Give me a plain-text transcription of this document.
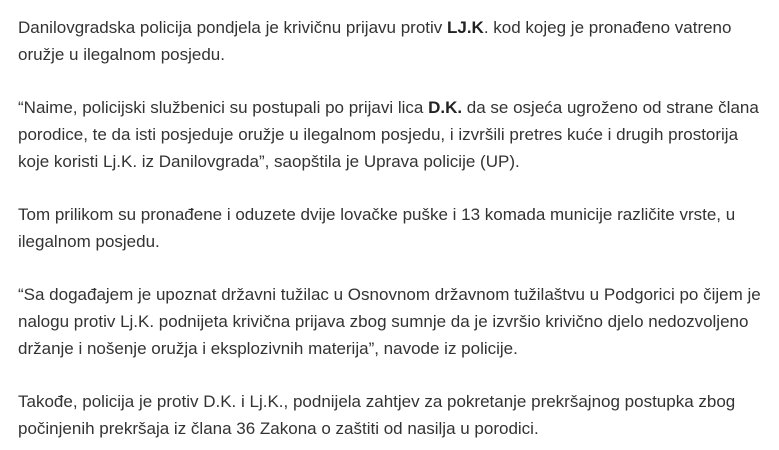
Danilovgradska policija pondjela je krivičnu prijavu protiv LJ.K. kod kojeg je pronađeno vatreno oružje u ilegalnom posjedu.

“Naime, policijski službenici su postupali po prijavi lica D.K. da se osjeća ugroženo od strane člana porodice, te da isti posjeduje oružje u ilegalnom posjedu, i izvršili pretres kuće i drugih prostorija koje koristi Lj.K. iz Danilovgrada”, saopštila je Uprava policije (UP).

Tom prilikom su pronađene i oduzete dvije lovačke puške i 13 komada municije različite vrste, u ilegalnom posjedu.

“Sa događajem je upoznat državni tužilac u Osnovnom državnom tužilaštvu u Podgorici po čijem je nalogu protiv Lj.K. podnijeta krivična prijava zbog sumnje da je izvršio krivično djelo nedozvoljeno držanje i nošenje oružja i eksplozivnih materija”, navode iz policije.

Takođe, policija je protiv D.K. i Lj.K., podnijela zahtjev za pokretanje prekršajnog postupka zbog počinjenih prekršaja iz člana 36 Zakona o zaštiti od nasilja u porodici.
